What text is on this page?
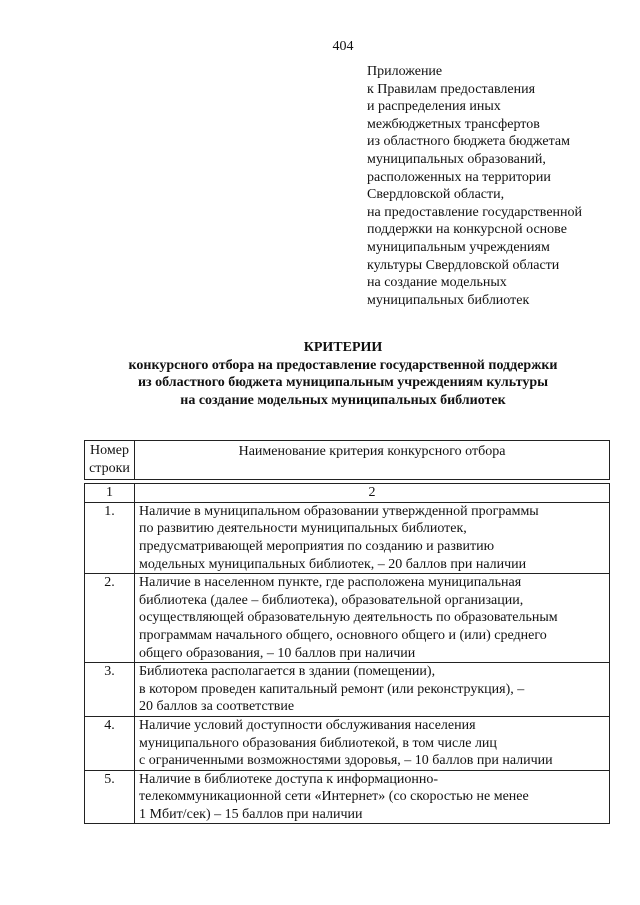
404
Приложение
к Правилам предоставления
и распределения иных
межбюджетных трансфертов
из областного бюджета бюджетам
муниципальных образований,
расположенных на территории
Свердловской области,
на предоставление государственной
поддержки на конкурсной основе
муниципальным учреждениям
культуры Свердловской области
на создание модельных
муниципальных библиотек
КРИТЕРИИ
конкурсного отбора на предоставление государственной поддержки
из областного бюджета муниципальным учреждениям культуры
на создание модельных муниципальных библиотек
Номер
строки	Наименование критерия конкурсного отбора

1	2
1.	Наличие в муниципальном образовании утвержденной программы
по развитию деятельности муниципальных библиотек,
предусматривающей мероприятия по созданию и развитию
модельных муниципальных библиотек, – 20 баллов при наличии

2.	Наличие в населенном пункте, где расположена муниципальная
библиотека (далее – библиотека), образовательной организации,
осуществляющей образовательную деятельность по образовательным
программам начального общего, основного общего и (или) среднего
общего образования, – 10 баллов при наличии

3.	Библиотека располагается в здании (помещении),
в котором проведен капитальный ремонт (или реконструкция), –
20 баллов за соответствие

4.	Наличие условий доступности обслуживания населения
муниципального образования библиотекой, в том числе лиц
с ограниченными возможностями здоровья, – 10 баллов при наличии

5.	Наличие в библиотеке доступа к информационно-
телекоммуникационной сети «Интернет» (со скоростью не менее
1 Мбит/сек) – 15 баллов при наличии
